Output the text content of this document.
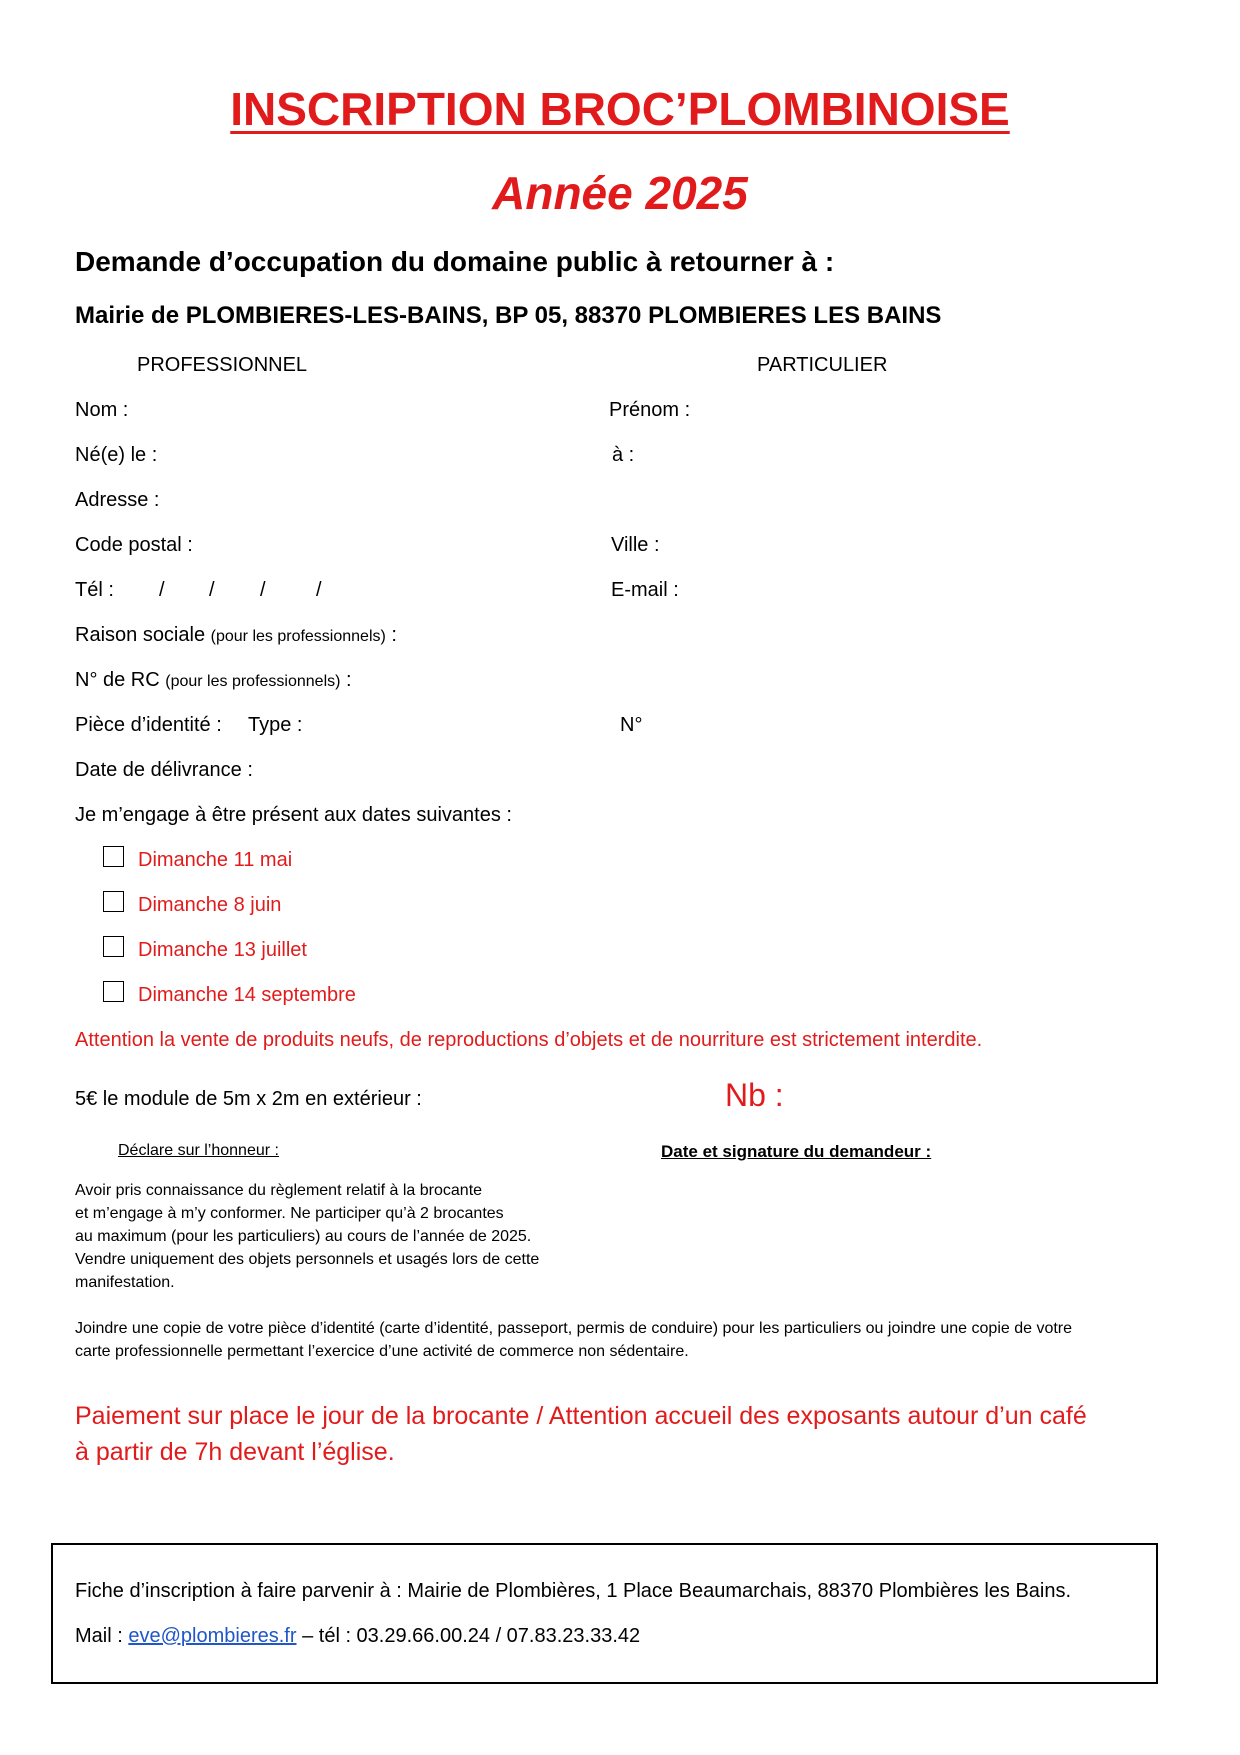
INSCRIPTION BROC’PLOMBINOISE
Année 2025
Demande d’occupation du domaine public à retourner à :
Mairie de PLOMBIERES-LES-BAINS, BP 05, 88370 PLOMBIERES LES BAINS
PROFESSIONNEL	PARTICULIER
Nom :	Prénom :
Né(e) le :	à :
Adresse :
Code postal :	Ville :
Tél : / / /	/	E-mail :
Raison sociale (pour les professionnels) :
N° de RC (pour les professionnels) :
Pièce d’identité : Type :	N°
Date de délivrance :
Je m’engage à être présent aux dates suivantes :
Dimanche 11 mai
Dimanche 8 juin
Dimanche 13 juillet
Dimanche 14 septembre
Attention la vente de produits neufs, de reproductions d’objets et de nourriture est strictement interdite.
5€ le module de 5m x 2m en extérieur :	Nb :
Déclare sur l’honneur :	Date et signature du demandeur :
Avoir pris connaissance du règlement relatif à la brocante
et m’engage à m’y conformer. Ne participer qu’à 2 brocantes
au maximum (pour les particuliers) au cours de l’année de 2025.
Vendre uniquement des objets personnels et usagés lors de cette
manifestation.
Joindre une copie de votre pièce d’identité (carte d’identité, passeport, permis de conduire) pour les particuliers ou joindre une copie de votre
carte professionnelle permettant l’exercice d’une activité de commerce non sédentaire.
Paiement sur place le jour de la brocante / Attention accueil des exposants autour d’un café
à partir de 7h devant l’église.
Fiche d’inscription à faire parvenir à : Mairie de Plombières, 1 Place Beaumarchais, 88370 Plombières les Bains.
Mail : eve@plombieres.fr – tél : 03.29.66.00.24 / 07.83.23.33.42
